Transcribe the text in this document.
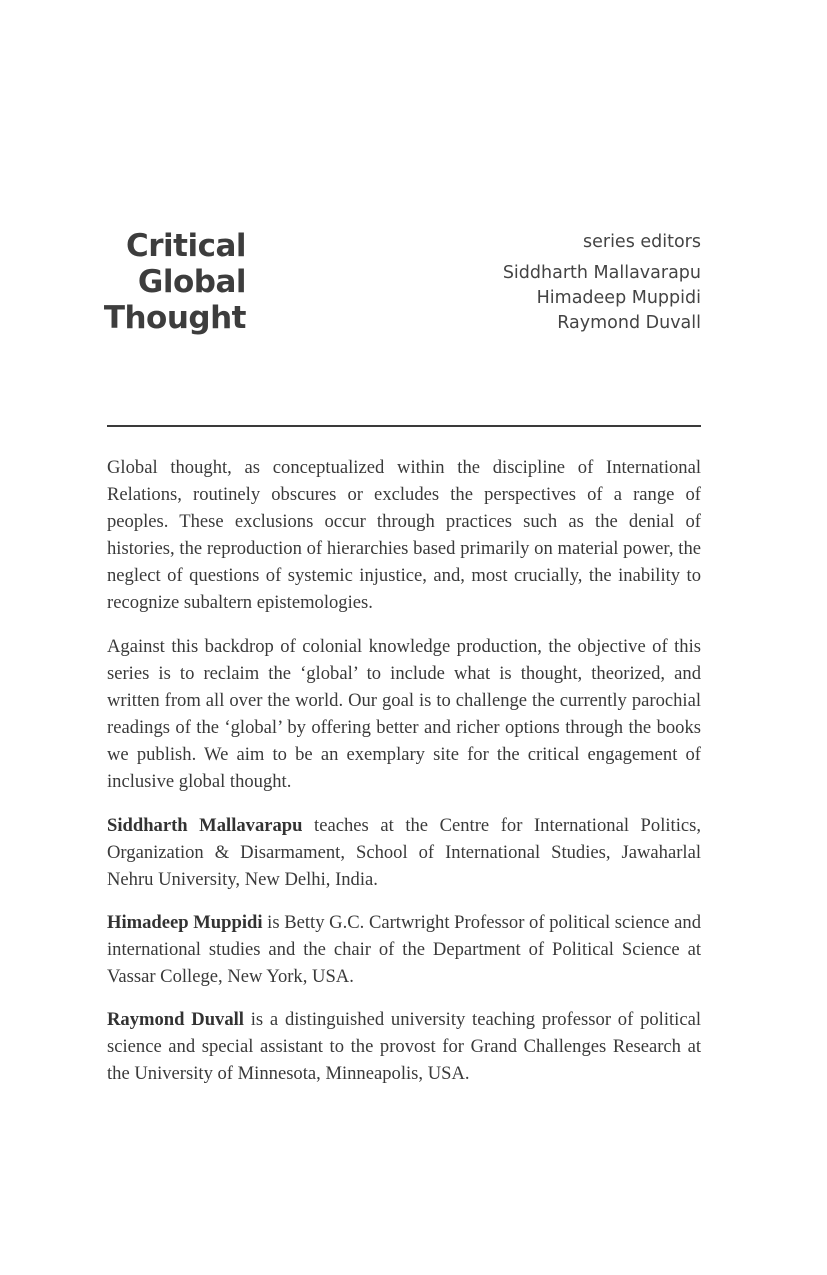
Critical
Global
Thought
series editors
Siddharth Mallavarapu
Himadeep Muppidi
Raymond Duvall

Global thought, as conceptualized within the discipline of International Relations, routinely obscures or excludes the perspectives of a range of peoples. These exclusions occur through practices such as the denial of histories, the reproduction of hierarchies based primarily on material power, the neglect of questions of systemic injustice, and, most crucially, the inability to recognize subaltern epistemologies.

Against this backdrop of colonial knowledge production, the objective of this series is to reclaim the ‘global’ to include what is thought, theorized, and written from all over the world. Our goal is to challenge the currently parochial readings of the ‘global’ by offering better and richer options through the books we publish. We aim to be an exemplary site for the critical engagement of inclusive global thought.

Siddharth Mallavarapu teaches at the Centre for International Politics, Organization & Disarmament, School of International Studies, Jawaharlal Nehru University, New Delhi, India.

Himadeep Muppidi is Betty G.C. Cartwright Professor of political science and international studies and the chair of the Department of Political Science at Vassar College, New York, USA.

Raymond Duvall is a distinguished university teaching professor of political science and special assistant to the provost for Grand Challenges Research at the University of Minnesota, Minneapolis, USA.
